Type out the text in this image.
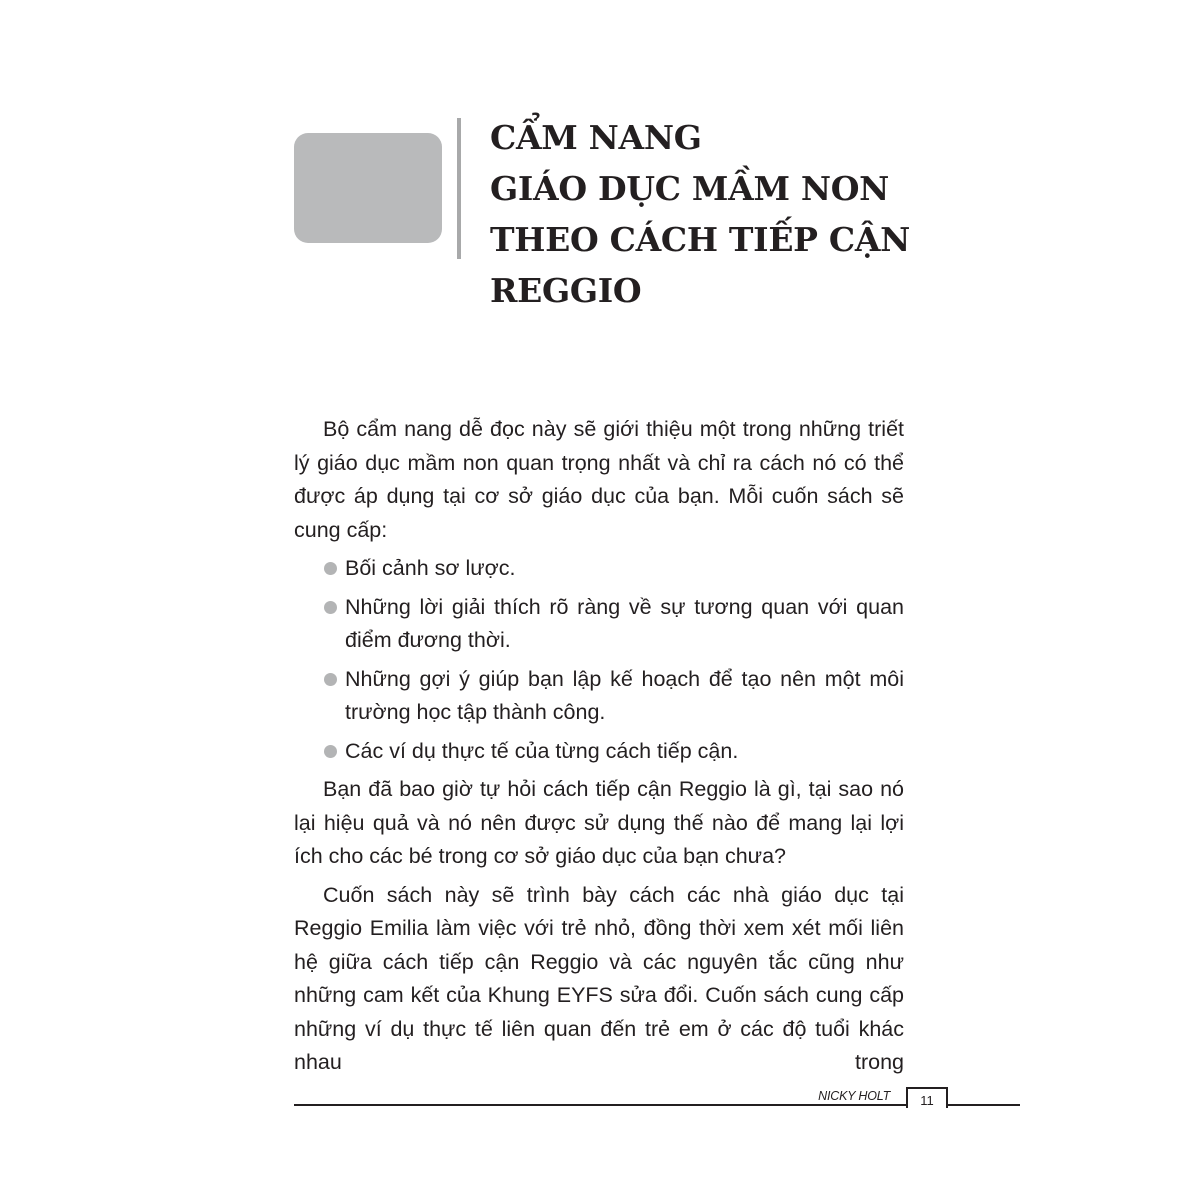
CẨM NANG
GIÁO DỤC MẦM NON
THEO CÁCH TIẾP CẬN
REGGIO

Bộ cẩm nang dễ đọc này sẽ giới thiệu một trong những triết lý giáo dục mầm non quan trọng nhất và chỉ ra cách nó có thể được áp dụng tại cơ sở giáo dục của bạn. Mỗi cuốn sách sẽ cung cấp:

Bối cảnh sơ lược.
Những lời giải thích rõ ràng về sự tương quan với quan điểm đương thời.
Những gợi ý giúp bạn lập kế hoạch để tạo nên một môi trường học tập thành công.
Các ví dụ thực tế của từng cách tiếp cận.

Bạn đã bao giờ tự hỏi cách tiếp cận Reggio là gì, tại sao nó lại hiệu quả và nó nên được sử dụng thế nào để mang lại lợi ích cho các bé trong cơ sở giáo dục của bạn chưa?

Cuốn sách này sẽ trình bày cách các nhà giáo dục tại Reggio Emilia làm việc với trẻ nhỏ, đồng thời xem xét mối liên hệ giữa cách tiếp cận Reggio và các nguyên tắc cũng như những cam kết của Khung EYFS sửa đổi. Cuốn sách cung cấp những ví dụ thực tế liên quan đến trẻ em ở các độ tuổi khác nhau trong

NICKY HOLT	11
